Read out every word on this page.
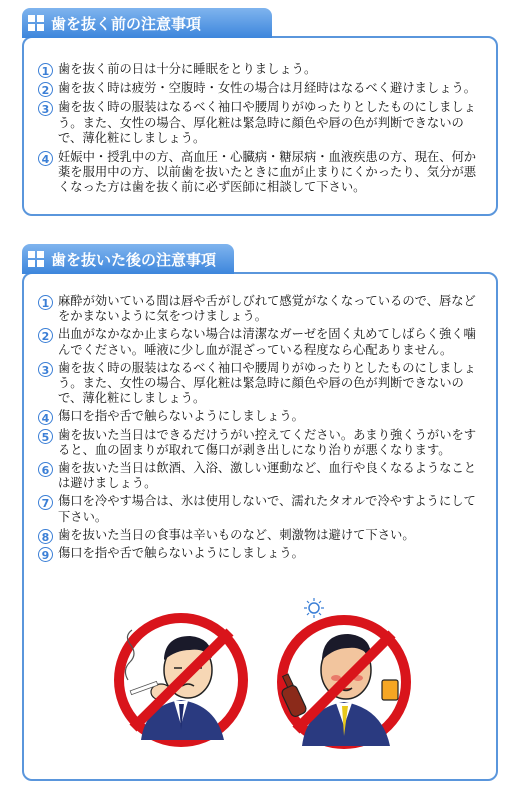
歯を抜く前の注意事項
1 歯を抜く前の日は十分に睡眠をとりましょう。
2 歯を抜く時は疲労・空腹時・女性の場合は月経時はなるべく避けましょう。
3 歯を抜く時の服装はなるべく袖口や腰周りがゆったりとしたものにしましょう。また、女性の場合、厚化粧は緊急時に顔色や唇の色が判断できないので、薄化粧にしましょう。
4 妊娠中・授乳中の方、高血圧・心臓病・糖尿病・血液疾患の方、現在、何か薬を服用中の方、以前歯を抜いたときに血が止まりにくかったり、気分が悪くなった方は歯を抜く前に必ず医師に相談して下さい。
歯を抜いた後の注意事項
1 麻酔が効いている間は唇や舌がしびれて感覚がなくなっているので、唇などをかまないように気をつけましょう。
2 出血がなかなか止まらない場合は清潔なガーゼを固く丸めてしばらく強く噛んでください。唾液に少し血が混ざっている程度なら心配ありません。
3 歯を抜く時の服装はなるべく袖口や腰周りがゆったりとしたものにしましょう。また、女性の場合、厚化粧は緊急時に顔色や唇の色が判断できないので、薄化粧にしましょう。
4 傷口を指や舌で触らないようにしましょう。
5 歯を抜いた当日はできるだけうがい控えてください。あまり強くうがいをすると、血の固まりが取れて傷口が剥き出しになり治りが悪くなります。
6 歯を抜いた当日は飲酒、入浴、激しい運動など、血行や良くなるようなことは避けましょう。
7 傷口を冷やす場合は、氷は使用しないで、濡れたタオルで冷やすようにして下さい。
8 歯を抜いた当日の食事は辛いものなど、刺激物は避けて下さい。
9 傷口を指や舌で触らないようにしましょう。
